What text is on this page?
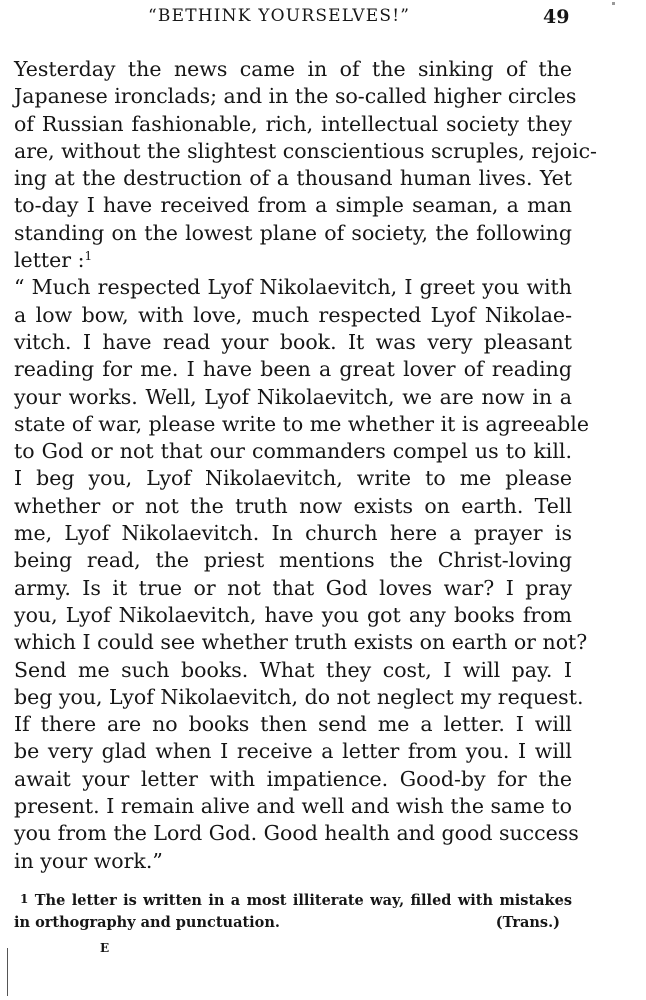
“BETHINK YOURSELVES!”	49
Yesterday the news came in of the sinking of the
Japanese ironclads; and in the so-called higher circles
of Russian fashionable, rich, intellectual society they
are, without the slightest conscientious scruples, rejoic-
ing at the destruction of a thousand human lives. Yet
to-day I have received from a simple seaman, a man
standing on the lowest plane of society, the following
letter :$^1$
“ Much respected Lyof Nikolaevitch, I greet you with
a low bow, with love, much respected Lyof Nikolae-
vitch. I have read your book. It was very pleasant
reading for me. I have been a great lover of reading
your works. Well, Lyof Nikolaevitch, we are now in a
state of war, please write to me whether it is agreeable
to God or not that our commanders compel us to kill.
I beg you, Lyof Nikolaevitch, write to me please
whether or not the truth now exists on earth. Tell
me, Lyof Nikolaevitch. In church here a prayer is
being read, the priest mentions the Christ-loving
army. Is it true or not that God loves war? I pray
you, Lyof Nikolaevitch, have you got any books from
which I could see whether truth exists on earth or not?
Send me such books. What they cost, I will pay. I
beg you, Lyof Nikolaevitch, do not neglect my request.
If there are no books then send me a letter. I will
be very glad when I receive a letter from you. I will
await your letter with impatience. Good-by for the
present. I remain alive and well and wish the same to
you from the Lord God. Good health and good success
in your work.”
$^1$ The letter is written in a most illiterate way, filled with mistakes
in orthography and punctuation.	(Trans.)
E
